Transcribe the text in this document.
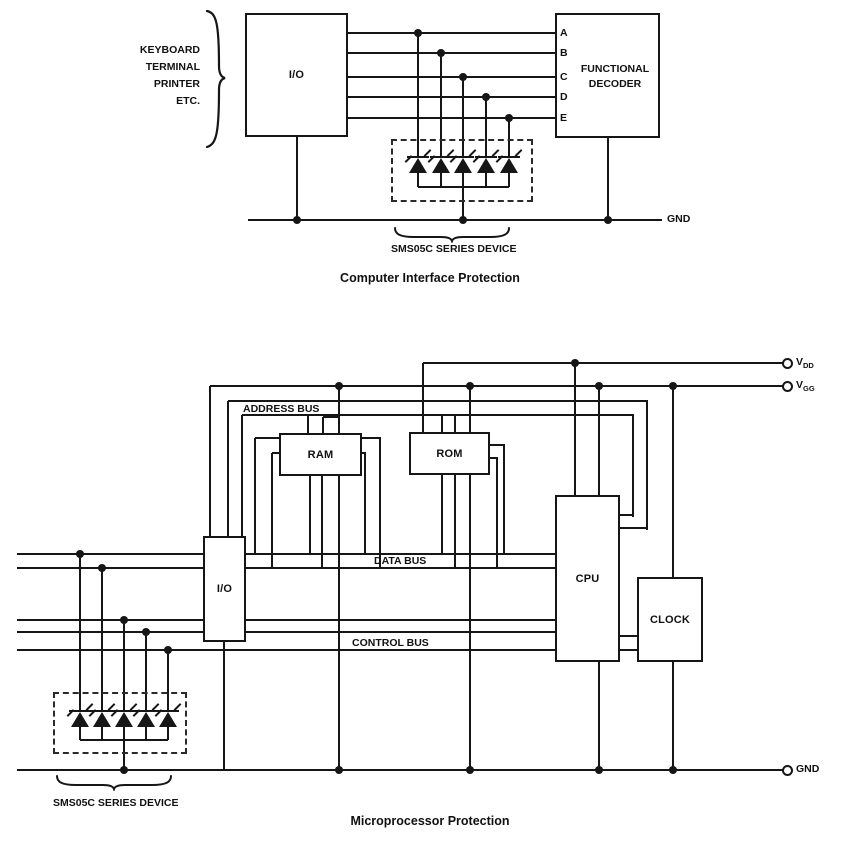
KEYBOARD
TERMINAL
PRINTER
ETC.
I/O	FUNCTIONAL
DECODER
A
B
C
D
E
GND
SMS05C SERIES DEVICE
Computer Interface Protection
I/O
RAM	ROM
CPU
CLOCK
ADDRESS BUS
DATA BUS
CONTROL BUS
$V_{DD}$
$V_{GG}$
GND
SMS05C SERIES DEVICE
Microprocessor Protection
